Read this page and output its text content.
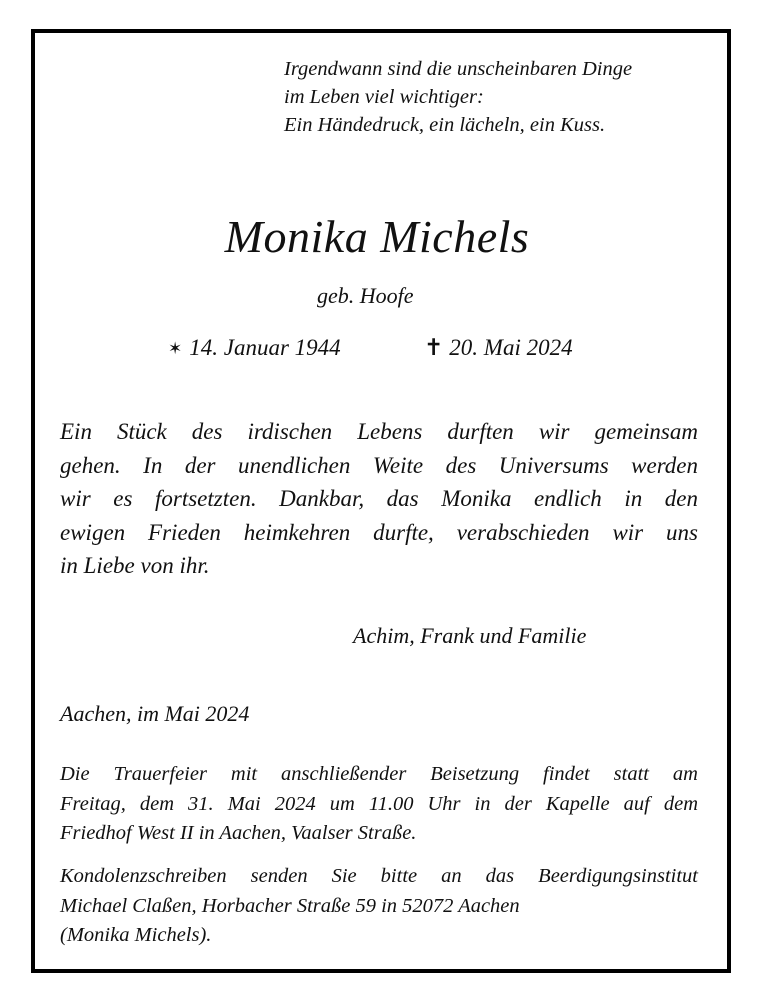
Irgendwann sind die unscheinbaren Dinge
im Leben viel wichtiger:
Ein Händedruck, ein lächeln, ein Kuss.
Monika Michels
geb. Hoofe
✶ 14. Januar 1944	✝ 20. Mai 2024
Ein Stück des irdischen Lebens durften wir gemeinsam
gehen. In der unendlichen Weite des Universums werden
wir es fortsetzten. Dankbar, das Monika endlich in den
ewigen Frieden heimkehren durfte, verabschieden wir uns
in Liebe von ihr.
Achim, Frank und Familie
Aachen, im Mai 2024
Die Trauerfeier mit anschließender Beisetzung findet statt am
Freitag, dem 31. Mai 2024 um 11.00 Uhr in der Kapelle auf dem
Friedhof West II in Aachen, Vaalser Straße.
Kondolenzschreiben senden Sie bitte an das Beerdigungsinstitut
Michael Claßen, Horbacher Straße 59 in 52072 Aachen
(Monika Michels).
